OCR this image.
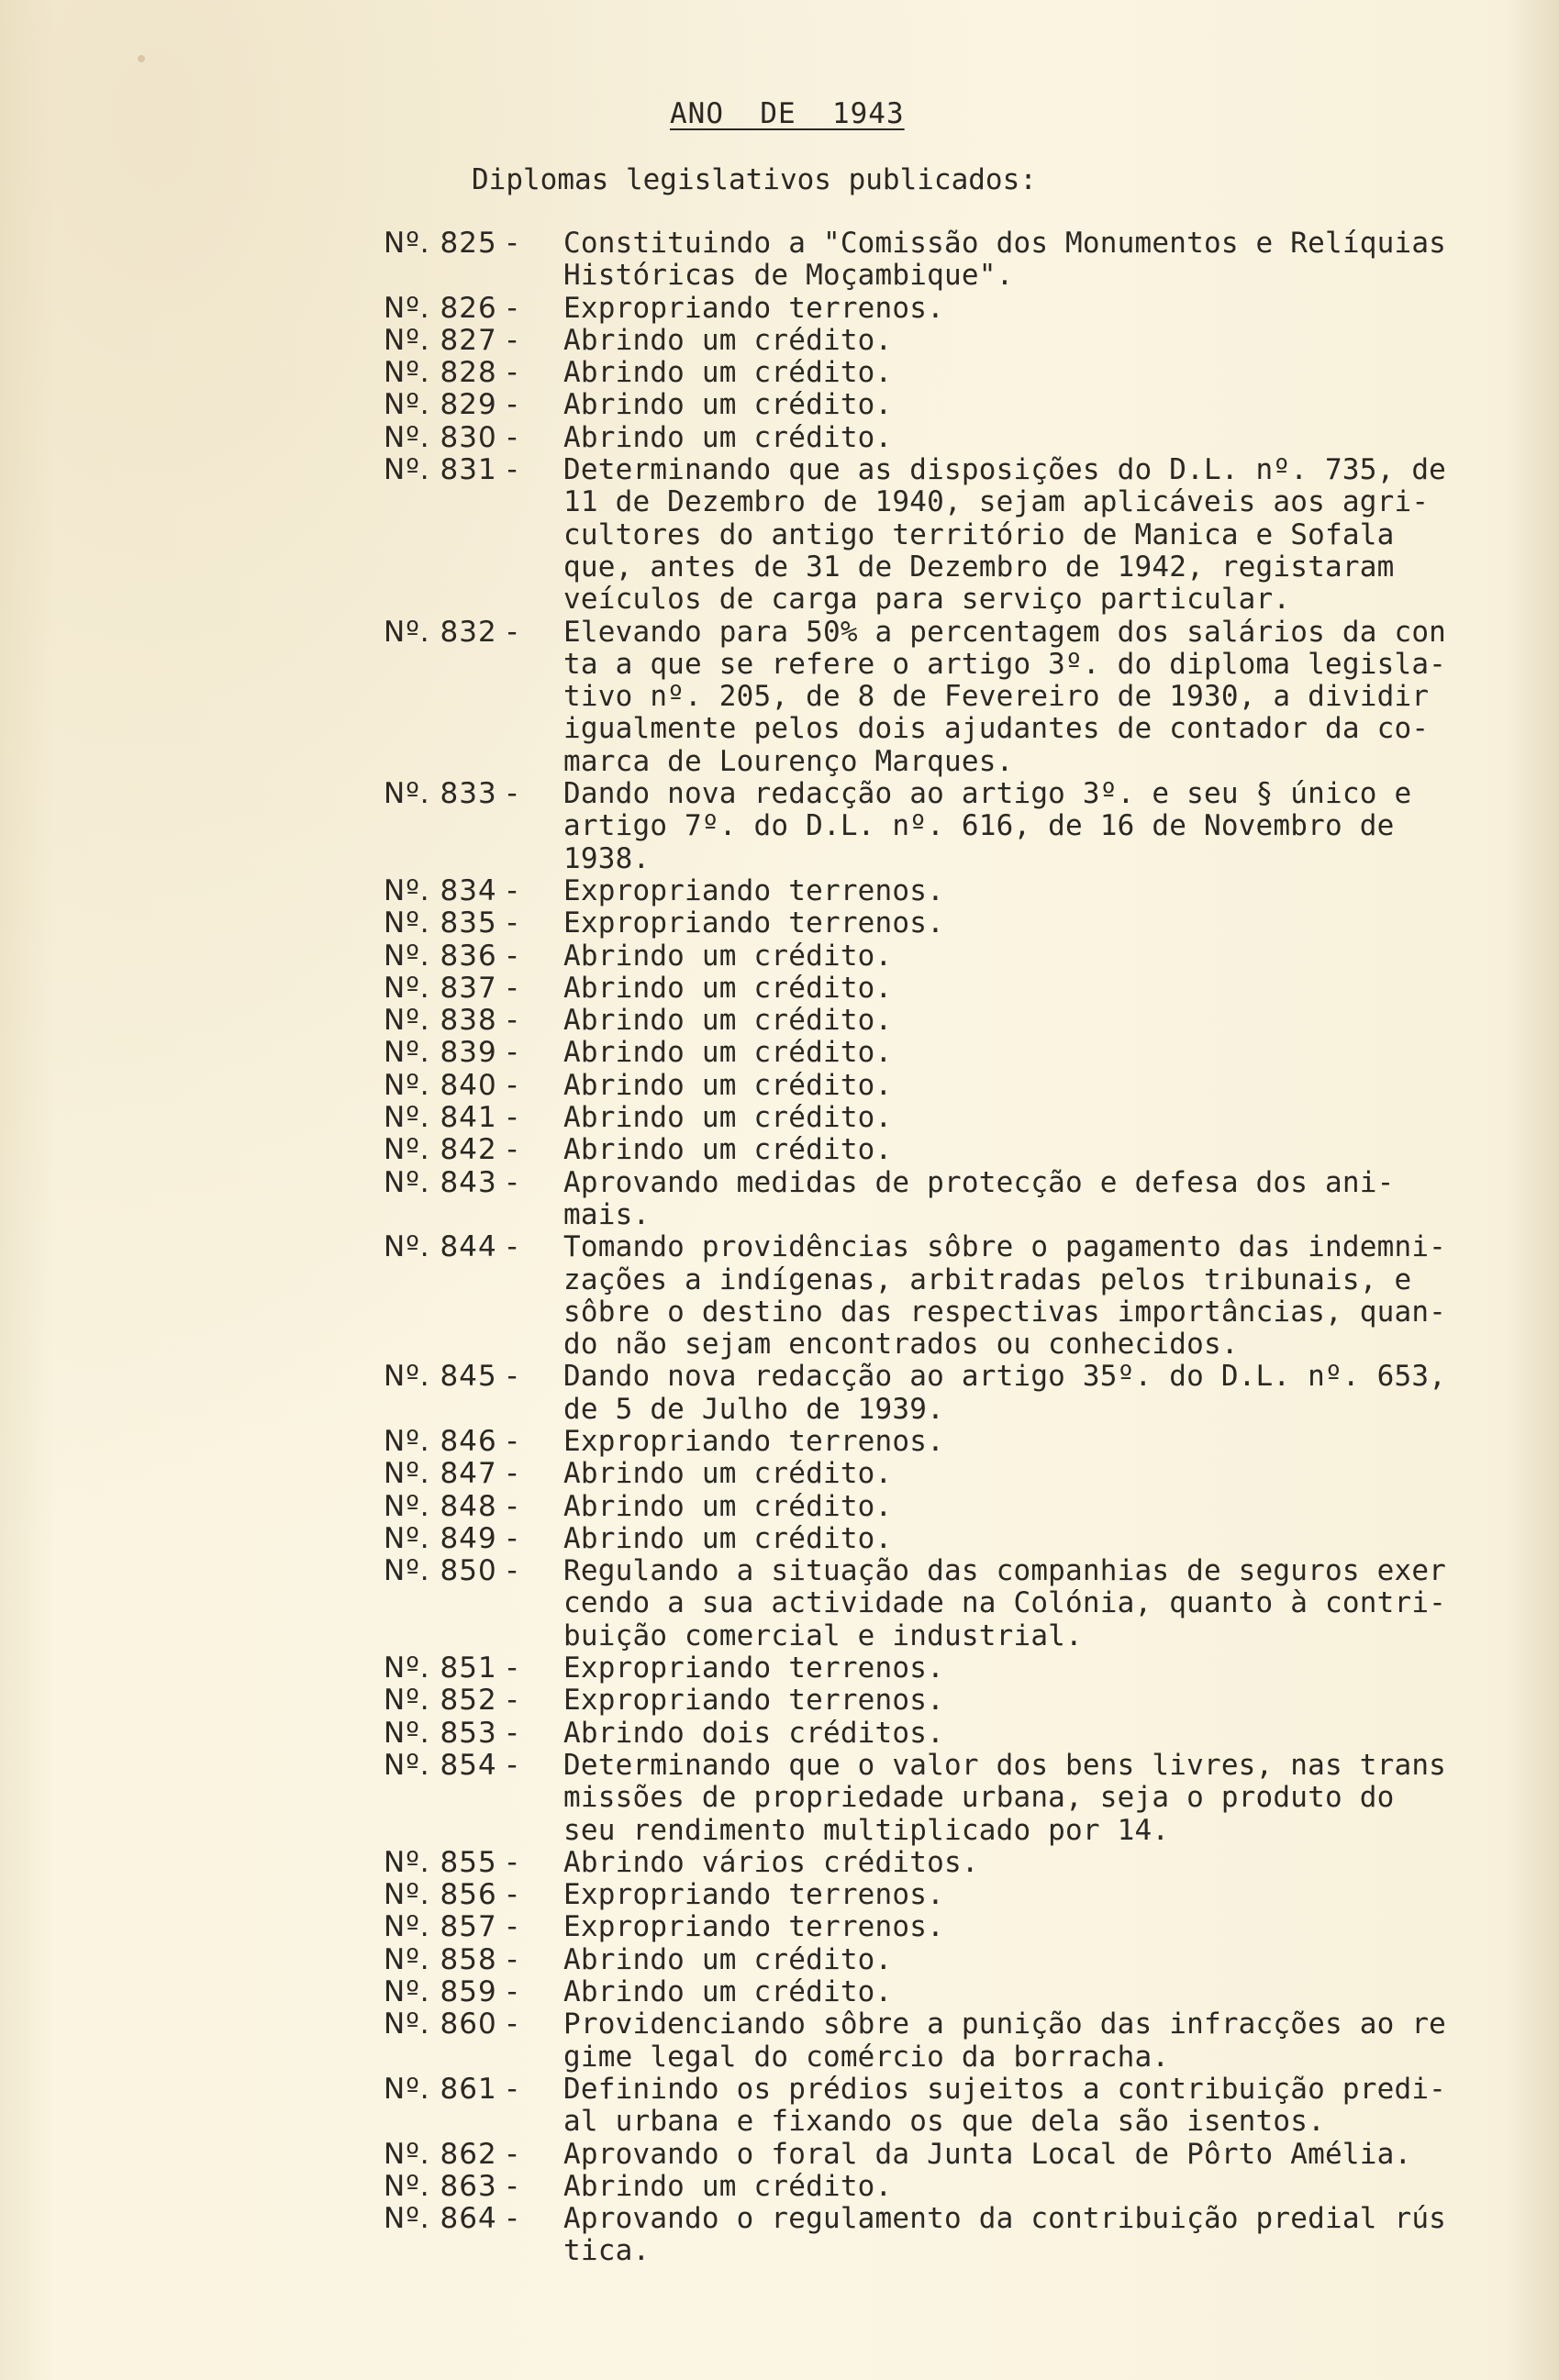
ANO  DE  1943
Diplomas legislativos publicados:
Nº. 825 -	Constituindo a "Comissão dos Monumentos e Relíquias
Históricas de Moçambique".
Nº. 826 -	Expropriando terrenos.
Nº. 827 -	Abrindo um crédito.
Nº. 828 -	Abrindo um crédito.
Nº. 829 -	Abrindo um crédito.
Nº. 830 -	Abrindo um crédito.
Nº. 831 -	Determinando que as disposições do D.L. nº. 735, de
11 de Dezembro de 1940, sejam aplicáveis aos agri-
cultores do antigo território de Manica e Sofala
que, antes de 31 de Dezembro de 1942, registaram
veículos de carga para serviço particular.
Nº. 832 -	Elevando para 50% a percentagem dos salários da con
ta a que se refere o artigo 3º. do diploma legisla-
tivo nº. 205, de 8 de Fevereiro de 1930, a dividir
igualmente pelos dois ajudantes de contador da co-
marca de Lourenço Marques.
Nº. 833 -	Dando nova redacção ao artigo 3º. e seu § único e
artigo 7º. do D.L. nº. 616, de 16 de Novembro de
1938.
Nº. 834 -	Expropriando terrenos.
Nº. 835 -	Expropriando terrenos.
Nº. 836 -	Abrindo um crédito.
Nº. 837 -	Abrindo um crédito.
Nº. 838 -	Abrindo um crédito.
Nº. 839 -	Abrindo um crédito.
Nº. 840 -	Abrindo um crédito.
Nº. 841 -	Abrindo um crédito.
Nº. 842 -	Abrindo um crédito.
Nº. 843 -	Aprovando medidas de protecção e defesa dos ani-
mais.
Nº. 844 -	Tomando providências sôbre o pagamento das indemni-
zações a indígenas, arbitradas pelos tribunais, e
sôbre o destino das respectivas importâncias, quan-
do não sejam encontrados ou conhecidos.
Nº. 845 -	Dando nova redacção ao artigo 35º. do D.L. nº. 653,
de 5 de Julho de 1939.
Nº. 846 -	Expropriando terrenos.
Nº. 847 -	Abrindo um crédito.
Nº. 848 -	Abrindo um crédito.
Nº. 849 -	Abrindo um crédito.
Nº. 850 -	Regulando a situação das companhias de seguros exer
cendo a sua actividade na Colónia, quanto à contri-
buição comercial e industrial.
Nº. 851 -	Expropriando terrenos.
Nº. 852 -	Expropriando terrenos.
Nº. 853 -	Abrindo dois créditos.
Nº. 854 -	Determinando que o valor dos bens livres, nas trans
missões de propriedade urbana, seja o produto do
seu rendimento multiplicado por 14.
Nº. 855 -	Abrindo vários créditos.
Nº. 856 -	Expropriando terrenos.
Nº. 857 -	Expropriando terrenos.
Nº. 858 -	Abrindo um crédito.
Nº. 859 -	Abrindo um crédito.
Nº. 860 -	Providenciando sôbre a punição das infracções ao re
gime legal do comércio da borracha.
Nº. 861 -	Definindo os prédios sujeitos a contribuição predi-
al urbana e fixando os que dela são isentos.
Nº. 862 -	Aprovando o foral da Junta Local de Pôrto Amélia.
Nº. 863 -	Abrindo um crédito.
Nº. 864 -	Aprovando o regulamento da contribuição predial rús
tica.
